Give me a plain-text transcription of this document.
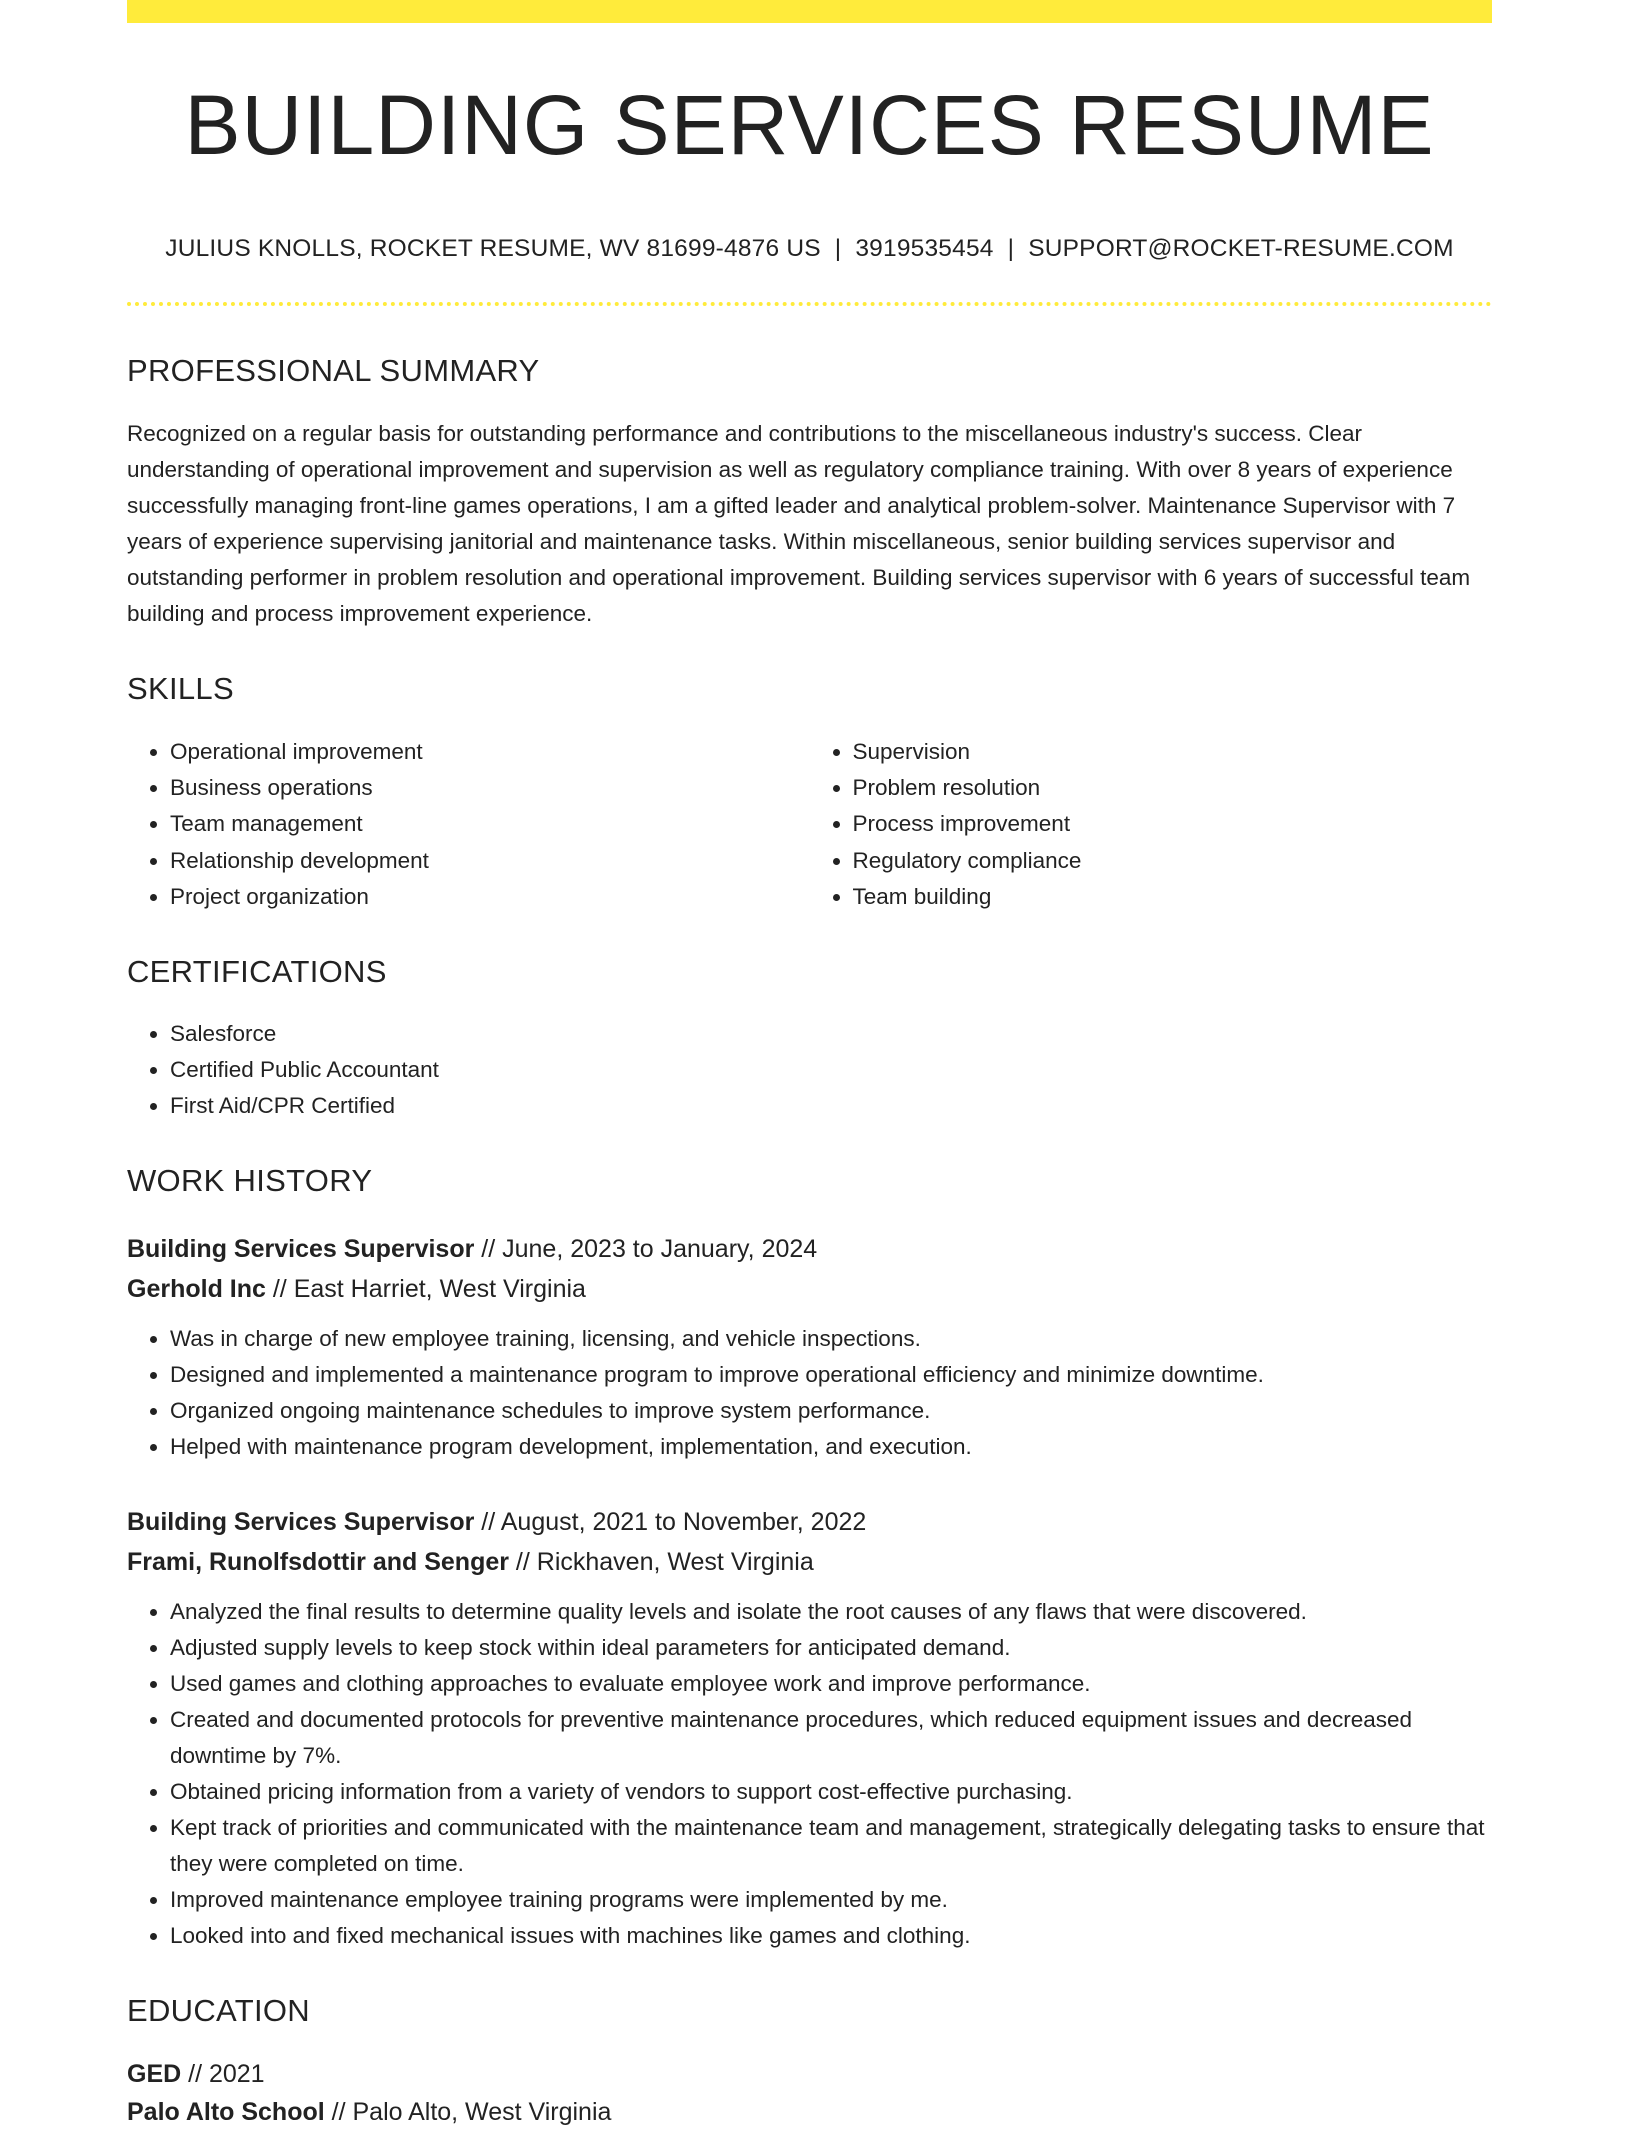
BUILDING SERVICES RESUME
JULIUS KNOLLS, ROCKET RESUME, WV 81699-4876 US | 3919535454 | SUPPORT@ROCKET-RESUME.COM
PROFESSIONAL SUMMARY

Recognized on a regular basis for outstanding performance and contributions to the miscellaneous industry's success. Clear understanding of operational improvement and supervision as well as regulatory compliance training. With over 8 years of experience successfully managing front-line games operations, I am a gifted leader and analytical problem-solver. Maintenance Supervisor with 7 years of experience supervising janitorial and maintenance tasks. Within miscellaneous, senior building services supervisor and outstanding performer in problem resolution and operational improvement. Building services supervisor with 6 years of successful team building and process improvement experience.

SKILLS
• Operational improvement
• Business operations
• Team management
• Relationship development
• Project organization
• Supervision
• Problem resolution
• Process improvement
• Regulatory compliance
• Team building
CERTIFICATIONS
• Salesforce
• Certified Public Accountant
• First Aid/CPR Certified
WORK HISTORY
Building Services Supervisor // June, 2023 to January, 2024
Gerhold Inc // East Harriet, West Virginia
• Was in charge of new employee training, licensing, and vehicle inspections.
• Designed and implemented a maintenance program to improve operational efficiency and minimize downtime.
• Organized ongoing maintenance schedules to improve system performance.
• Helped with maintenance program development, implementation, and execution.
Building Services Supervisor // August, 2021 to November, 2022
Frami, Runolfsdottir and Senger // Rickhaven, West Virginia
• Analyzed the final results to determine quality levels and isolate the root causes of any flaws that were discovered.
• Adjusted supply levels to keep stock within ideal parameters for anticipated demand.
• Used games and clothing approaches to evaluate employee work and improve performance.
• Created and documented protocols for preventive maintenance procedures, which reduced equipment issues and decreased downtime by 7%.
• Obtained pricing information from a variety of vendors to support cost-effective purchasing.
• Kept track of priorities and communicated with the maintenance team and management, strategically delegating tasks to ensure that they were completed on time.
• Improved maintenance employee training programs were implemented by me.
• Looked into and fixed mechanical issues with machines like games and clothing.
EDUCATION
GED // 2021
Palo Alto School // Palo Alto, West Virginia
